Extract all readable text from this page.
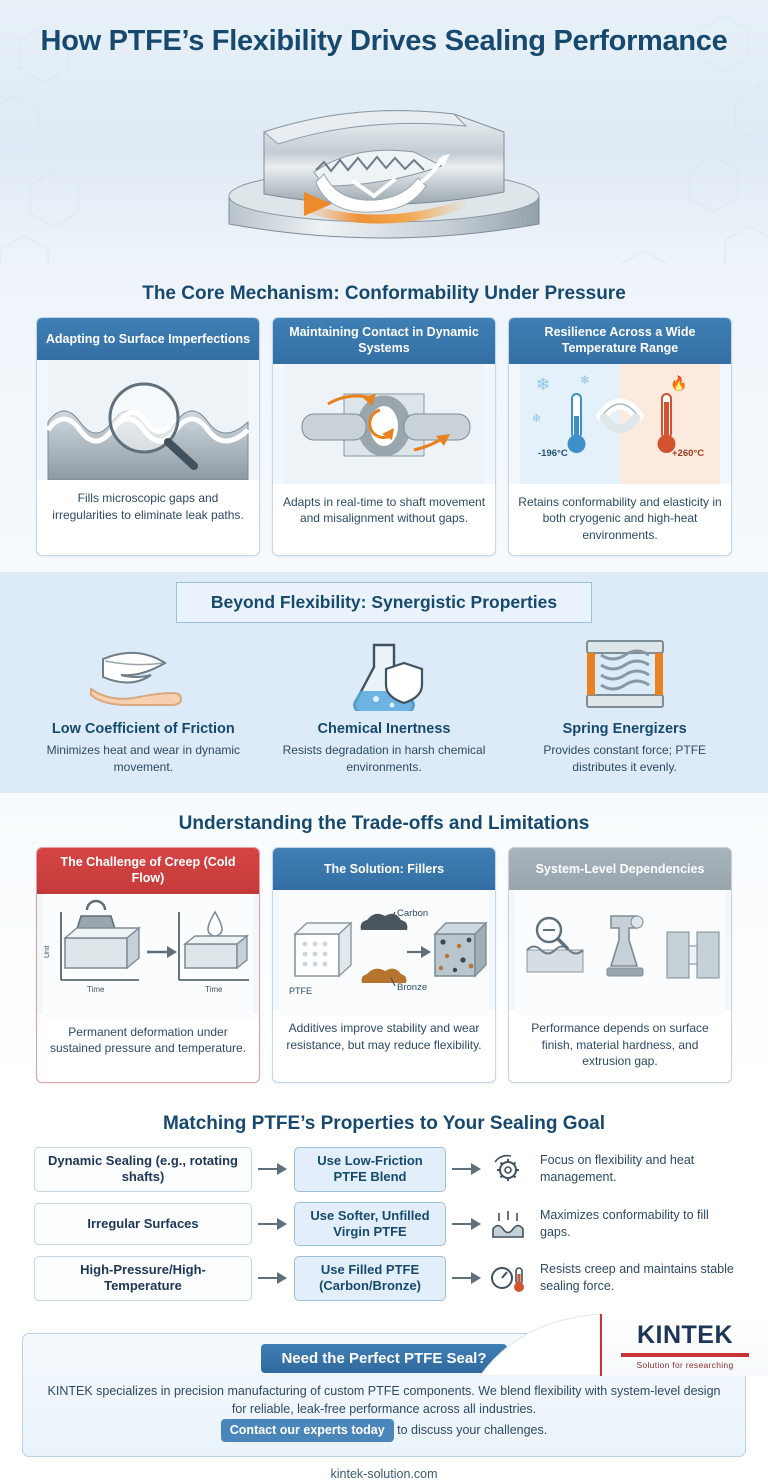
How PTFE’s Flexibility Drives Sealing Performance
The Core Mechanism: Conformability Under Pressure
Adapting to Surface Imperfections
Fills microscopic gaps and irregularities to eliminate leak paths.
Maintaining Contact in Dynamic Systems
Adapts in real-time to shaft movement and misalignment without gaps.
Resilience Across a Wide Temperature Range
❄ ❄
❄
🔥
-196°C	+260°C
Retains conformability and elasticity in both cryogenic and high-heat environments.
Beyond Flexibility: Synergistic Properties
Low Coefficient of Friction
Minimizes heat and wear in dynamic movement.
Chemical Inertness
Resists degradation in harsh chemical environments.
Spring Energizers
Provides constant force; PTFE distributes it evenly.
Understanding the Trade-offs and Limitations
The Challenge of Creep (Cold Flow)
Unit
Time	Time
Permanent deformation under sustained pressure and temperature.
The Solution: Fillers
PTFE
Carbon
Bronze
Additives improve stability and wear resistance, but may reduce flexibility.
System-Level Dependencies
Performance depends on surface finish, material hardness, and extrusion gap.
Matching PTFE’s Properties to Your Sealing Goal
Dynamic Sealing (e.g., rotating shafts)
Use Low-Friction PTFE Blend
Focus on flexibility and heat management.
Irregular Surfaces
Use Softer, Unfilled Virgin PTFE
Maximizes conformability to fill gaps.
High-Pressure/High-Temperature
Use Filled PTFE (Carbon/Bronze)
Resists creep and maintains stable sealing force.
Need the Perfect PTFE Seal?
KINTEK specializes in precision manufacturing of custom PTFE components. We blend flexibility with system-level design for reliable, leak-free performance across all industries.
Contact our experts today to discuss your challenges.
kintek-solution.com
KINTEK
Solution for researching
